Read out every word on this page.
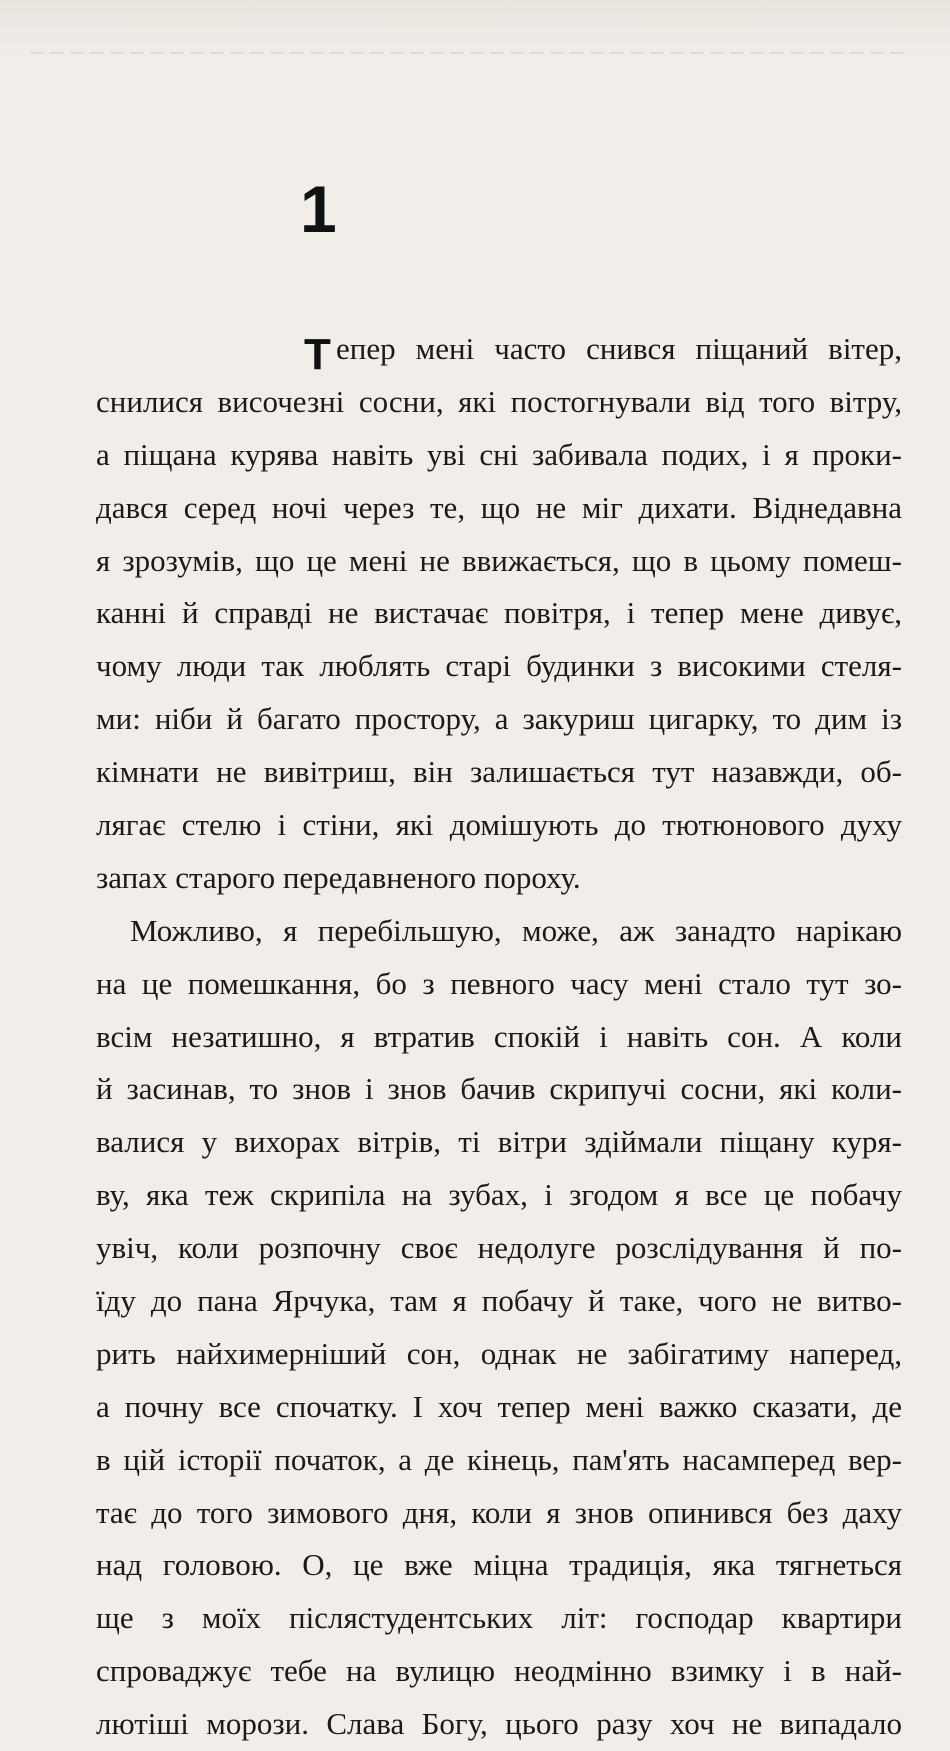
1
Т епер мені часто снився піщаний вітер,
снилися височезні сосни, які постогнували від того вітру,
а піщана курява навіть уві сні забивала подих, і я проки-
дався серед ночі через те, що не міг дихати. Віднедавна
я зрозумів, що це мені не ввижається, що в цьому помеш-
канні й справді не вистачає повітря, і тепер мене дивує,
чому люди так люблять старі будинки з високими стеля-
ми: ніби й багато простору, а закуриш цигарку, то дим із
кімнати не вивітриш, він залишається тут назавжди, об-
лягає стелю і стіни, які домішують до тютюнового духу
запах старого передавненого пороху.
Можливо, я перебільшую, може, аж занадто нарікаю
на це помешкання, бо з певного часу мені стало тут зо-
всім незатишно, я втратив спокій і навіть сон. А коли
й засинав, то знов і знов бачив скрипучі сосни, які коли-
валися у вихорах вітрів, ті вітри здіймали піщану куря-
ву, яка теж скрипіла на зубах, і згодом я все це побачу
увіч, коли розпочну своє недолуге розслідування й по-
їду до пана Ярчука, там я побачу й таке, чого не витво-
рить найхимерніший сон, однак не забігатиму наперед,
а почну все спочатку. І хоч тепер мені важко сказати, де
в цій історії початок, а де кінець, пам'ять насамперед вер-
тає до того зимового дня, коли я знов опинився без даху
над головою. О, це вже міцна традиція, яка тягнеться
ще з моїх післястудентських літ: господар квартири
спроваджує тебе на вулицю неодмінно взимку і в най-
лютіші морози. Слава Богу, цього разу хоч не випадало
